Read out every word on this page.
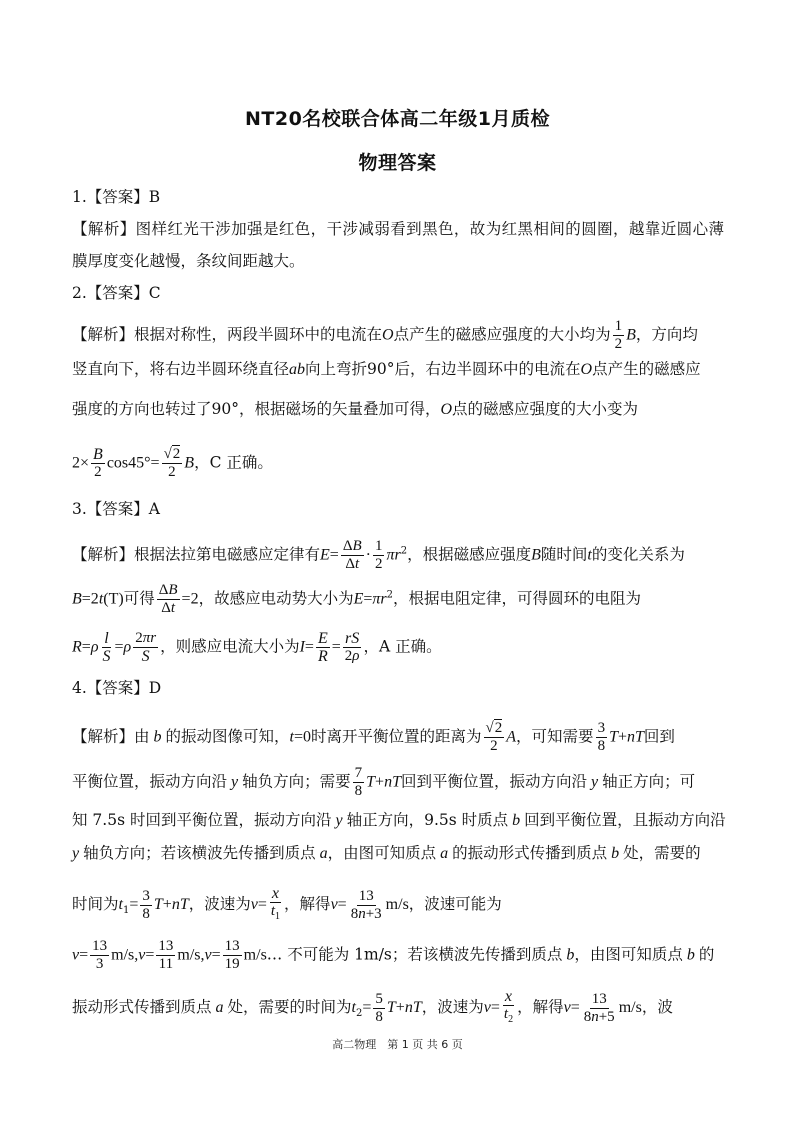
NT20名校联合体高二年级1月质检
物理答案
1.【答案】B
【解析】图样红光干涉加强是红色，干涉减弱看到黑色，故为红黑相间的圆圈，越靠近圆心薄
膜厚度变化越慢，条纹间距越大。
2.【答案】C
【解析】根据对称性，两段半圆环中的电流在O点产生的磁感应强度的大小均为 $\frac{1}{2}$ B，方向均
竖直向下，将右边半圆环绕直径ab向上弯折90°后，右边半圆环中的电流在O点产生的磁感应
强度的方向也转过了90°，根据磁场的矢量叠加可得，O点的磁感应强度的大小变为
$2\times \frac{B}{2} \cos 45^\circ= \frac{√2}{2}$ B，C 正确。
3.【答案】A
【解析】根据法拉第电磁感应定律有$E= \frac{\Delta B}{\Delta t} \cdot \frac{1}{2} \pi r^2$，根据磁感应强度B随时间t的变化关系为
B=2t(T)可得 $\frac{\Delta B}{\Delta t} =2$，故感应电动势大小为$E=\pi r^2$，根据电阻定律，可得圆环的电阻为
$R=\rho \frac{l}{S} =\rho \frac{2\pi r}{S}$ ，则感应电流大小为$I= \frac{E}{R} = \frac{rS}{2\rho}$ ，A 正确。
4.【答案】D
【解析】由 b 的振动图像可知，t=0时离开平衡位置的距离为 $\frac{√2}{2}$ A，可知需要 $\frac{3}{8} T+nT$回到
平衡位置，振动方向沿 y 轴负方向；需要 $\frac{7}{8} T+nT$回到平衡位置，振动方向沿 y 轴正方向；可
知 7.5s 时回到平衡位置，振动方向沿 y 轴正方向，9.5s 时质点 b 回到平衡位置，且振动方向沿
y 轴负方向；若该横波先传播到质点 a，由图可知质点 a 的振动形式传播到质点 b 处，需要的
时间为$t_1= \frac{3}{8} T+nT$，波速为$v= \frac{x}{t_1}$ ，解得$v= \frac{13}{8n+3} m/s$，波速可能为
$v= \frac{13}{3} m/s,v= \frac{13}{11} m/s,v= \frac{13}{19}$ m/s… 不可能为 1m/s；若该横波先传播到质点 b，由图可知质点 b 的
振动形式传播到质点 a 处，需要的时间为$t_2= \frac{5}{8} T+nT$，波速为$v= \frac{x}{t_2}$ ，解得$v= \frac{13}{8n+5} m/s$，波
高二物理　第 1 页 共 6 页
